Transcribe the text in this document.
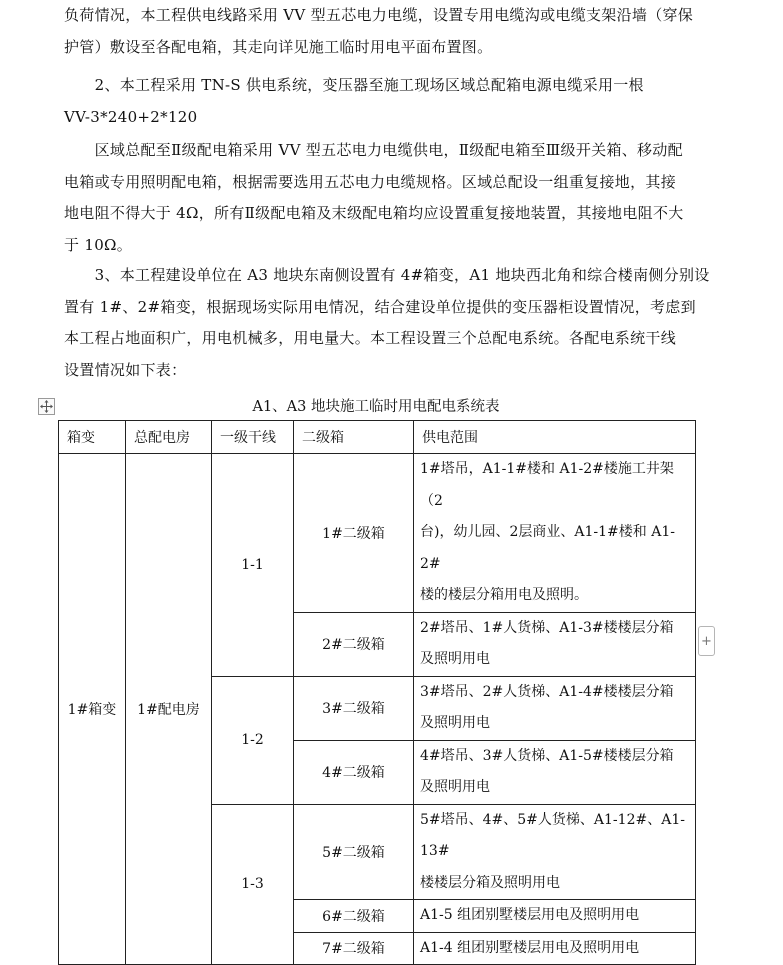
负荷情况，本工程供电线路采用 VV 型五芯电力电缆，设置专用电缆沟或电缆支架沿墙（穿保
护管）敷设至各配电箱，其走向详见施工临时用电平面布置图。

　　2、本工程采用 TN-S 供电系统，变压器至施工现场区域总配箱电源电缆采用一根
VV-3*240+2*120

　　区域总配至Ⅱ级配电箱采用 VV 型五芯电力电缆供电，Ⅱ级配电箱至Ⅲ级开关箱、移动配
电箱或专用照明配电箱，根据需要选用五芯电力电缆规格。区域总配设一组重复接地，其接
地电阻不得大于 4Ω，所有Ⅱ级配电箱及末级配电箱均应设置重复接地装置，其接地电阻不大
于 10Ω。

　　3、本工程建设单位在 A3 地块东南侧设置有 4#箱变，A1 地块西北角和综合楼南侧分别设
置有 1#、2#箱变，根据现场实际用电情况，结合建设单位提供的变压器柜设置情况，考虑到
本工程占地面积广，用电机械多，用电量大。本工程设置三个总配电系统。各配电系统干线
设置情况如下表：

A1、A3 地块施工临时用电配电系统表
箱变	总配电房	一级干线	二级箱	供电范围
1#箱变	1#配电房	1-1	1#二级箱	1#塔吊，A1-1#楼和 A1-2#楼施工井架（2
台)，幼儿园、2层商业、A1-1#楼和 A1-2#
楼的楼层分箱用电及照明。

			2#二级箱	2#塔吊、1#人货梯、A1-3#楼楼层分箱
及照明用电

		1-2	3#二级箱	3#塔吊、2#人货梯、A1-4#楼楼层分箱
及照明用电

			4#二级箱	4#塔吊、3#人货梯、A1-5#楼楼层分箱
及照明用电

		1-3	5#二级箱	5#塔吊、4#、5#人货梯、A1-12#、A1-13#
楼楼层分箱及照明用电

			6#二级箱	A1-5 组团别墅楼层用电及照明用电

			7#二级箱	A1-4 组团别墅楼层用电及照明用电
+
